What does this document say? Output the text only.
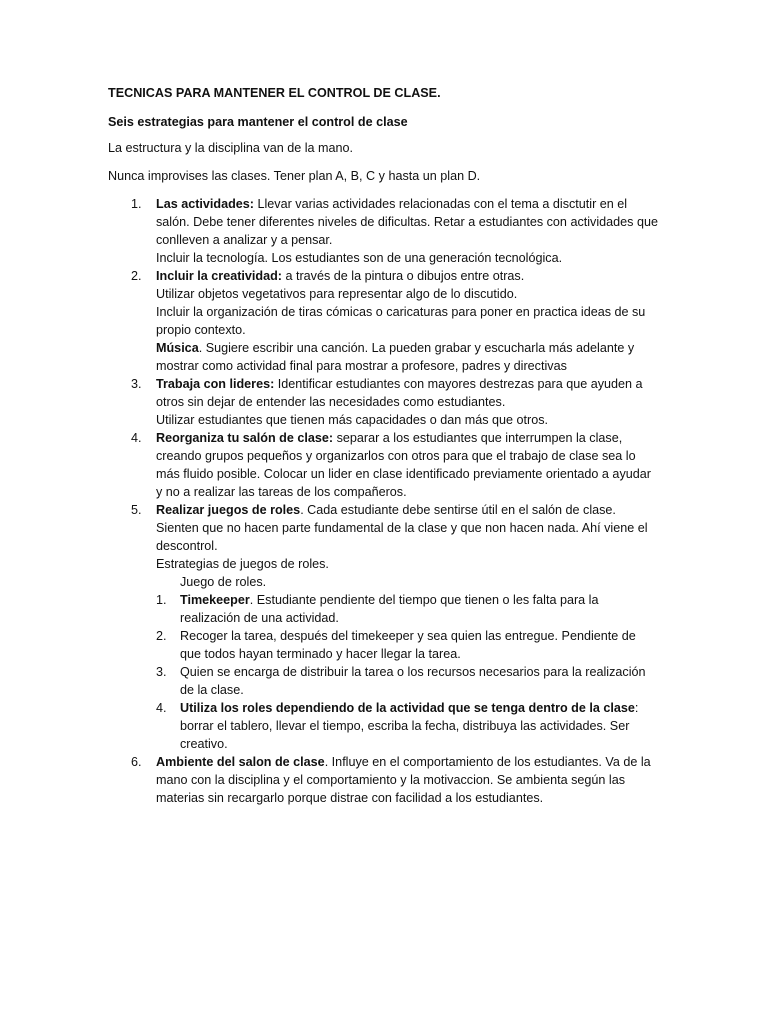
TECNICAS PARA MANTENER EL CONTROL DE CLASE.
Seis estrategias para mantener el control de clase
La estructura y la disciplina van de la mano.
Nunca improvises las clases. Tener plan A, B, C y hasta un plan D.
1. Las actividades: Llevar varias actividades relacionadas con el tema a disctutir en el salón. Debe tener diferentes niveles de dificultas. Retar a estudiantes con actividades que conlleven a analizar y a pensar.
Incluir la tecnología. Los estudiantes son de una generación tecnológica.
2. Incluir la creatividad: a través de la pintura o dibujos entre otras.
Utilizar objetos vegetativos para representar algo de lo discutido.
Incluir la organización de tiras cómicas o caricaturas para poner en practica ideas de su propio contexto.
Música. Sugiere escribir una canción. La pueden grabar y escucharla más adelante y mostrar como actividad final para mostrar a profesore, padres y directivas
3. Trabaja con lideres: Identificar estudiantes con mayores destrezas para que ayuden a otros sin dejar de entender las necesidades como estudiantes.
Utilizar estudiantes que tienen más capacidades o dan más que otros.
4. Reorganiza tu salón de clase: separar a los estudiantes que interrumpen la clase, creando grupos pequeños y organizarlos con otros para que el trabajo de clase sea lo más fluido posible. Colocar un lider en clase identificado previamente orientado a ayudar y no a realizar las tareas de los compañeros.
5. Realizar juegos de roles. Cada estudiante debe sentirse útil en el salón de clase. Sienten que no hacen parte fundamental de la clase y que non hacen nada. Ahí viene el descontrol.
Estrategias de juegos de roles.
Juego de roles.
1. Timekeeper. Estudiante pendiente del tiempo que tienen o les falta para la realización de una actividad.
2. Recoger la tarea, después del timekeeper y sea quien las entregue. Pendiente de que todos hayan terminado y hacer llegar la tarea.
3. Quien se encarga de distribuir la tarea o los recursos necesarios para la realización de la clase.
4. Utiliza los roles dependiendo de la actividad que se tenga dentro de la clase: borrar el tablero, llevar el tiempo, escriba la fecha, distribuya las actividades. Ser creativo.
6. Ambiente del salon de clase. Influye en el comportamiento de los estudiantes. Va de la mano con la disciplina y el comportamiento y la motivaccion. Se ambienta según las materias sin recargarlo porque distrae con facilidad a los estudiantes.
